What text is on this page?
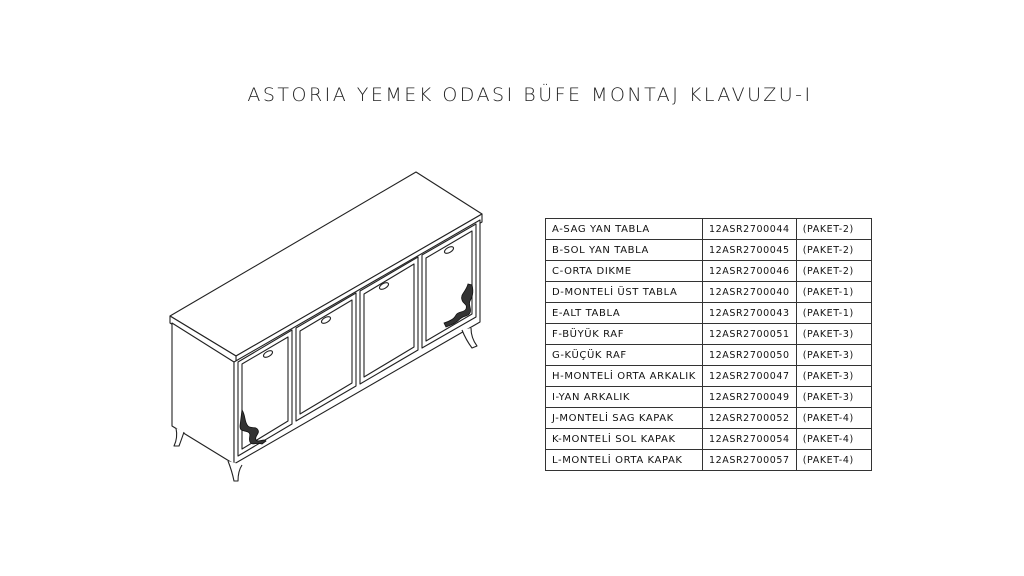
ASTORIA YEMEK ODASI BÜFE MONTAJ KLAVUZU-I
A-SAG YAN TABLA	12ASR2700044	(PAKET-2)
B-SOL YAN TABLA	12ASR2700045	(PAKET-2)
C-ORTA DIKME	12ASR2700046	(PAKET-2)
D-MONTELİ ÜST TABLA	12ASR2700040	(PAKET-1)
E-ALT TABLA	12ASR2700043	(PAKET-1)
F-BÜYÜK RAF	12ASR2700051	(PAKET-3)
G-KÜÇÜK RAF	12ASR2700050	(PAKET-3)
H-MONTELİ ORTA ARKALIK	12ASR2700047	(PAKET-3)
I-YAN ARKALIK	12ASR2700049	(PAKET-3)
J-MONTELİ SAG KAPAK	12ASR2700052	(PAKET-4)
K-MONTELİ SOL KAPAK	12ASR2700054	(PAKET-4)
L-MONTELİ ORTA KAPAK	12ASR2700057	(PAKET-4)
